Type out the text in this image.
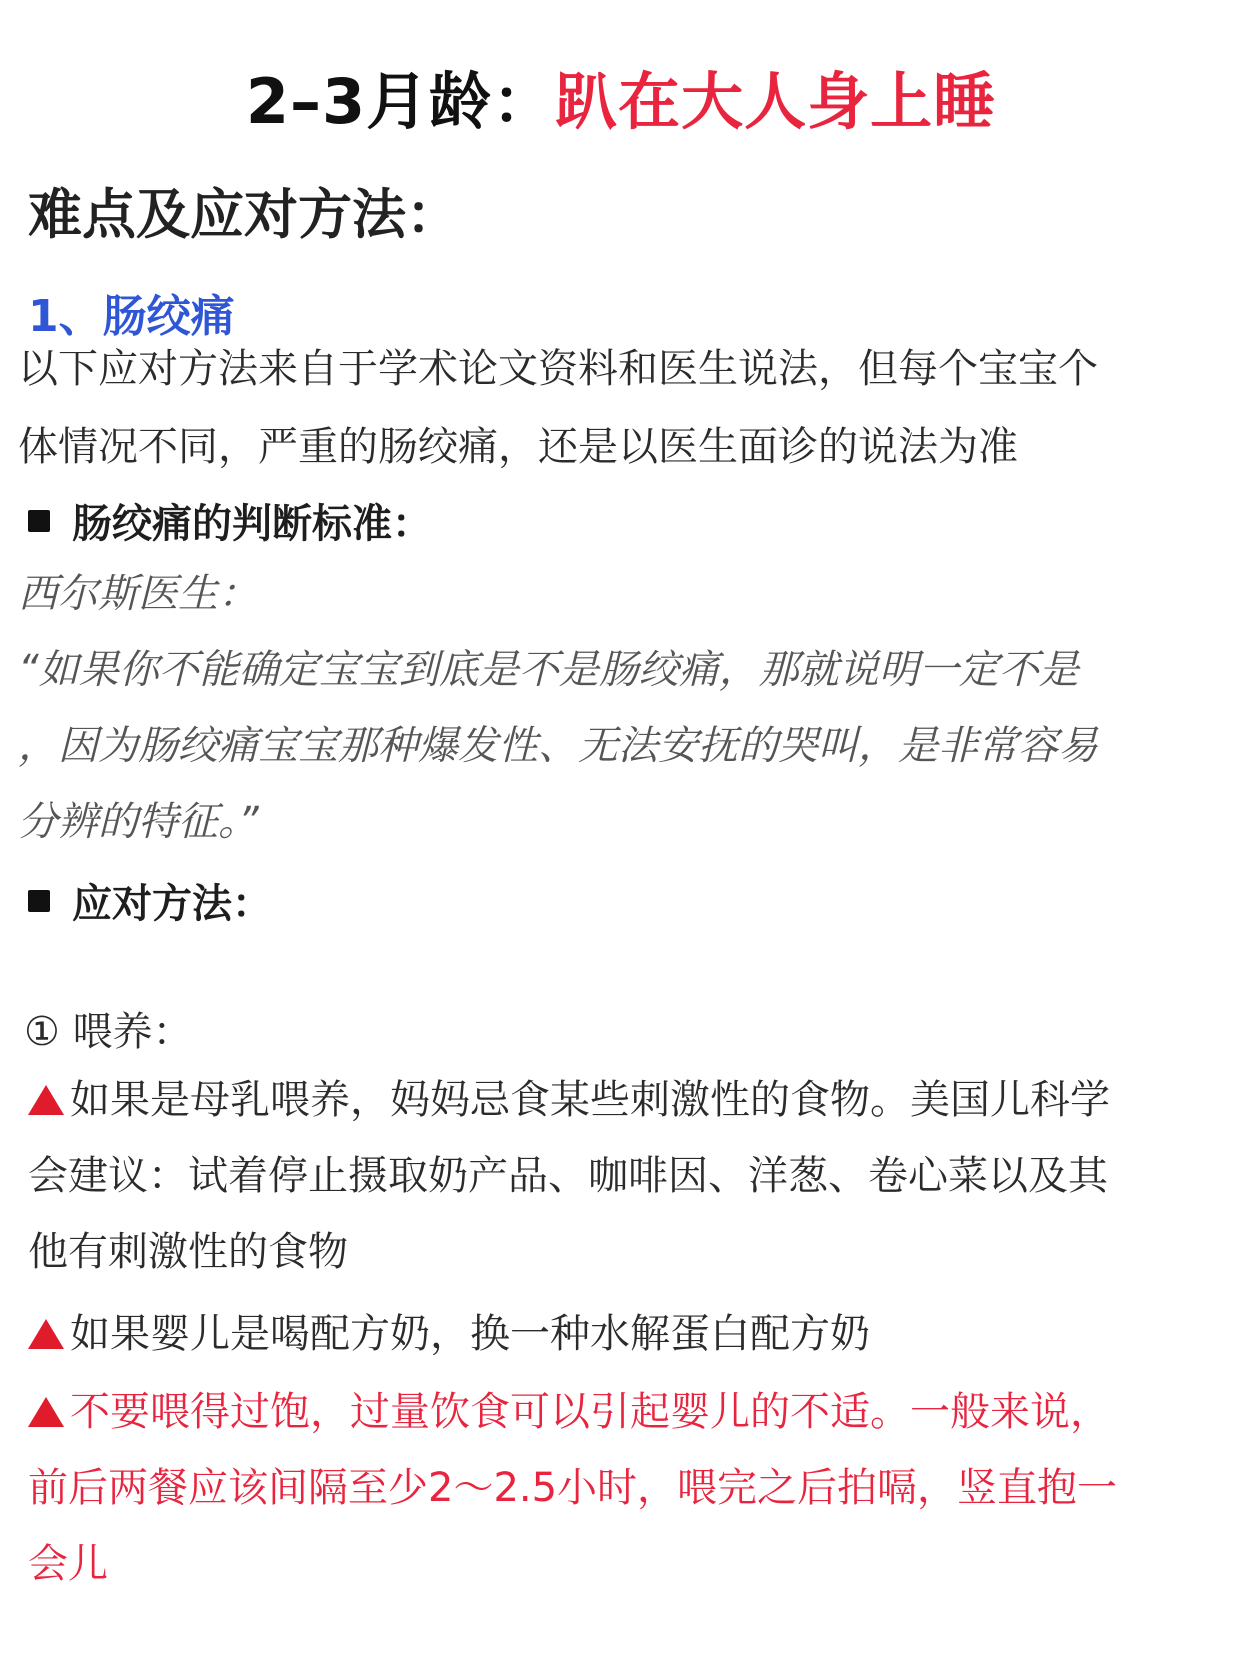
2–3月龄：趴在大人身上睡
难点及应对方法：
1、肠绞痛
以下应对方法来自于学术论文资料和医生说法，但每个宝宝个
体情况不同，严重的肠绞痛，还是以医生面诊的说法为准
肠绞痛的判断标准：
西尔斯医生：
“如果你不能确定宝宝到底是不是肠绞痛，那就说明一定不是
，因为肠绞痛宝宝那种爆发性、无法安抚的哭叫，是非常容易
分辨的特征。”
应对方法：
① 喂养：
如果是母乳喂养，妈妈忌食某些刺激性的食物。美国儿科学
会建议：试着停止摄取奶产品、咖啡因、洋葱、卷心菜以及其
他有刺激性的食物
如果婴儿是喝配方奶，换一种水解蛋白配方奶
不要喂得过饱，过量饮食可以引起婴儿的不适。一般来说，
前后两餐应该间隔至少2～2.5小时，喂完之后拍嗝，竖直抱一
会儿
